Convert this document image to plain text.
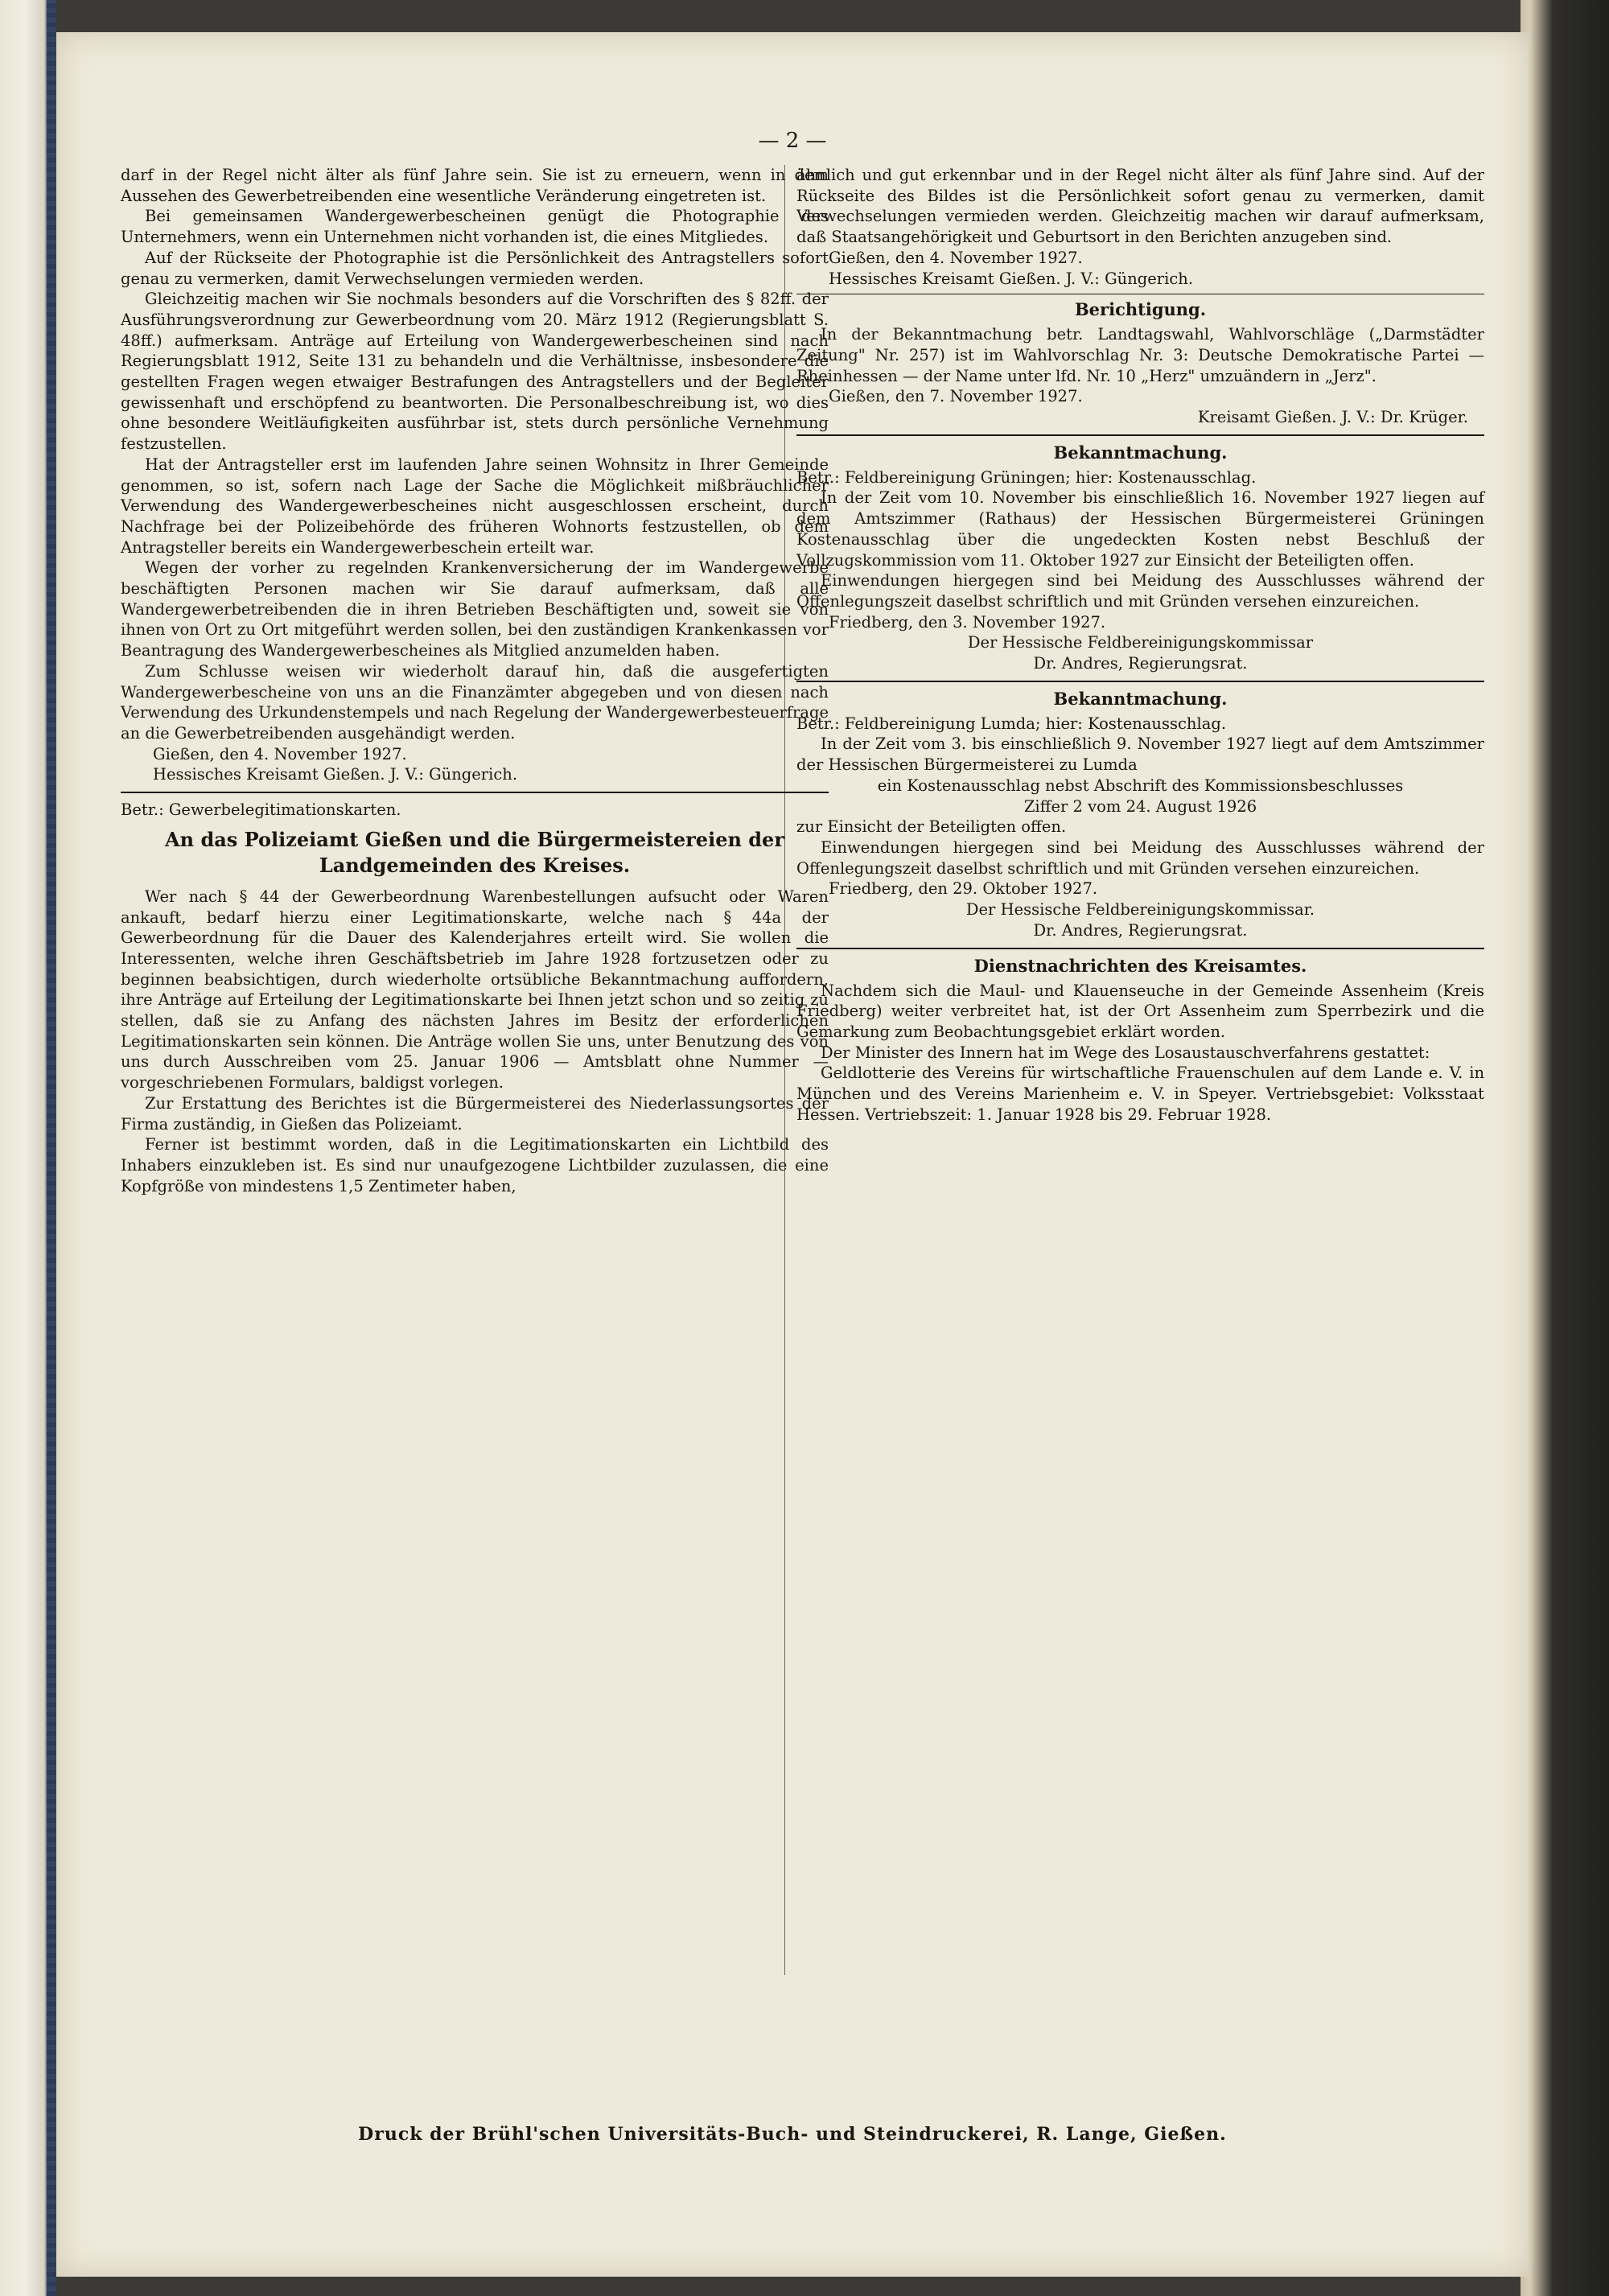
— 2 —

darf in der Regel nicht älter als fünf Jahre sein. Sie ist zu erneuern, wenn in dem Aussehen des Gewerbetreibenden eine wesentliche Veränderung eingetreten ist.

Bei gemeinsamen Wandergewerbescheinen genügt die Photographie des Unternehmers, wenn ein Unternehmen nicht vorhanden ist, die eines Mitgliedes.

Auf der Rückseite der Photographie ist die Persönlichkeit des Antragstellers sofort genau zu vermerken, damit Verwechselungen vermieden werden.

Gleichzeitig machen wir Sie nochmals besonders auf die Vorschriften des § 82ff. der Ausführungsverordnung zur Gewerbeordnung vom 20. März 1912 (Regierungsblatt S. 48ff.) aufmerksam. Anträge auf Erteilung von Wandergewerbescheinen sind nach Regierungsblatt 1912, Seite 131 zu behandeln und die Verhältnisse, insbesondere die gestellten Fragen wegen etwaiger Bestrafungen des Antragstellers und der Begleiter gewissenhaft und erschöpfend zu beantworten. Die Personalbeschreibung ist, wo dies ohne besondere Weitläufigkeiten ausführbar ist, stets durch persönliche Vernehmung festzustellen.

Hat der Antragsteller erst im laufenden Jahre seinen Wohnsitz in Ihrer Gemeinde genommen, so ist, sofern nach Lage der Sache die Möglichkeit mißbräuchlicher Verwendung des Wandergewerbescheines nicht ausgeschlossen erscheint, durch Nachfrage bei der Polizeibehörde des früheren Wohnorts festzustellen, ob dem Antragsteller bereits ein Wandergewerbeschein erteilt war.

Wegen der vorher zu regelnden Krankenversicherung der im Wandergewerbe beschäftigten Personen machen wir Sie darauf aufmerksam, daß alle Wandergewerbetreibenden die in ihren Betrieben Beschäftigten und, soweit sie von ihnen von Ort zu Ort mitgeführt werden sollen, bei den zuständigen Krankenkassen vor Beantragung des Wandergewerbescheines als Mitglied anzumelden haben.

Zum Schlusse weisen wir wiederholt darauf hin, daß die ausgefertigten Wandergewerbescheine von uns an die Finanzämter abgegeben und von diesen nach Verwendung des Urkundenstempels und nach Regelung der Wandergewerbesteuerfrage an die Gewerbetreibenden ausgehändigt werden.

Gießen, den 4. November 1927.

Hessisches Kreisamt Gießen. J. V.: Güngerich.

Betr.: Gewerbelegitimationskarten.

An das Polizeiamt Gießen und die Bürgermeistereien der Landgemeinden des Kreises.

Wer nach § 44 der Gewerbeordnung Warenbestellungen aufsucht oder Waren ankauft, bedarf hierzu einer Legitimationskarte, welche nach § 44a der Gewerbeordnung für die Dauer des Kalenderjahres erteilt wird. Sie wollen die Interessenten, welche ihren Geschäftsbetrieb im Jahre 1928 fortzusetzen oder zu beginnen beabsichtigen, durch wiederholte ortsübliche Bekanntmachung auffordern, ihre Anträge auf Erteilung der Legitimationskarte bei Ihnen jetzt schon und so zeitig zu stellen, daß sie zu Anfang des nächsten Jahres im Besitz der erforderlichen Legitimationskarten sein können. Die Anträge wollen Sie uns, unter Benutzung des von uns durch Ausschreiben vom 25. Januar 1906 — Amtsblatt ohne Nummer — vorgeschriebenen Formulars, baldigst vorlegen.

Zur Erstattung des Berichtes ist die Bürgermeisterei des Niederlassungsortes der Firma zuständig, in Gießen das Polizeiamt.

Ferner ist bestimmt worden, daß in die Legitimationskarten ein Lichtbild des Inhabers einzukleben ist. Es sind nur unaufgezogene Lichtbilder zuzulassen, die eine Kopfgröße von mindestens 1,5 Zentimeter haben,

ähnlich und gut erkennbar und in der Regel nicht älter als fünf Jahre sind. Auf der Rückseite des Bildes ist die Persönlichkeit sofort genau zu vermerken, damit Verwechselungen vermieden werden. Gleichzeitig machen wir darauf aufmerksam, daß Staatsangehörigkeit und Geburtsort in den Berichten anzugeben sind.

Gießen, den 4. November 1927.

Hessisches Kreisamt Gießen. J. V.: Güngerich.

Berichtigung.

In der Bekanntmachung betr. Landtagswahl, Wahlvorschläge („Darmstädter Zeitung" Nr. 257) ist im Wahlvorschlag Nr. 3: Deutsche Demokratische Partei — Rheinhessen — der Name unter lfd. Nr. 10 „Herz" umzuändern in „Jerz".

Gießen, den 7. November 1927.

Kreisamt Gießen. J. V.: Dr. Krüger.

Bekanntmachung.

Betr.: Feldbereinigung Grüningen; hier: Kostenausschlag.

In der Zeit vom 10. November bis einschließlich 16. November 1927 liegen auf dem Amtszimmer (Rathaus) der Hessischen Bürgermeisterei Grüningen Kostenausschlag über die ungedeckten Kosten nebst Beschluß der Vollzugskommission vom 11. Oktober 1927 zur Einsicht der Beteiligten offen.

Einwendungen hiergegen sind bei Meidung des Ausschlusses während der Offenlegungszeit daselbst schriftlich und mit Gründen versehen einzureichen.

Friedberg, den 3. November 1927.

Der Hessische Feldbereinigungskommissar

Dr. Andres, Regierungsrat.

Bekanntmachung.

Betr.: Feldbereinigung Lumda; hier: Kostenausschlag.

In der Zeit vom 3. bis einschließlich 9. November 1927 liegt auf dem Amtszimmer der Hessischen Bürgermeisterei zu Lumda

ein Kostenausschlag nebst Abschrift des Kommissionsbeschlusses

Ziffer 2 vom 24. August 1926

zur Einsicht der Beteiligten offen.

Einwendungen hiergegen sind bei Meidung des Ausschlusses während der Offenlegungszeit daselbst schriftlich und mit Gründen versehen einzureichen.

Friedberg, den 29. Oktober 1927.

Der Hessische Feldbereinigungskommissar.

Dr. Andres, Regierungsrat.

Dienstnachrichten des Kreisamtes.

Nachdem sich die Maul- und Klauenseuche in der Gemeinde Assenheim (Kreis Friedberg) weiter verbreitet hat, ist der Ort Assenheim zum Sperrbezirk und die Gemarkung zum Beobachtungsgebiet erklärt worden.

Der Minister des Innern hat im Wege des Losaustauschverfahrens gestattet:

Geldlotterie des Vereins für wirtschaftliche Frauenschulen auf dem Lande e. V. in München und des Vereins Marienheim e. V. in Speyer. Vertriebsgebiet: Volksstaat Hessen. Vertriebszeit: 1. Januar 1928 bis 29. Februar 1928.

Druck der Brühl'schen Universitäts-Buch- und Steindruckerei, R. Lange, Gießen.
